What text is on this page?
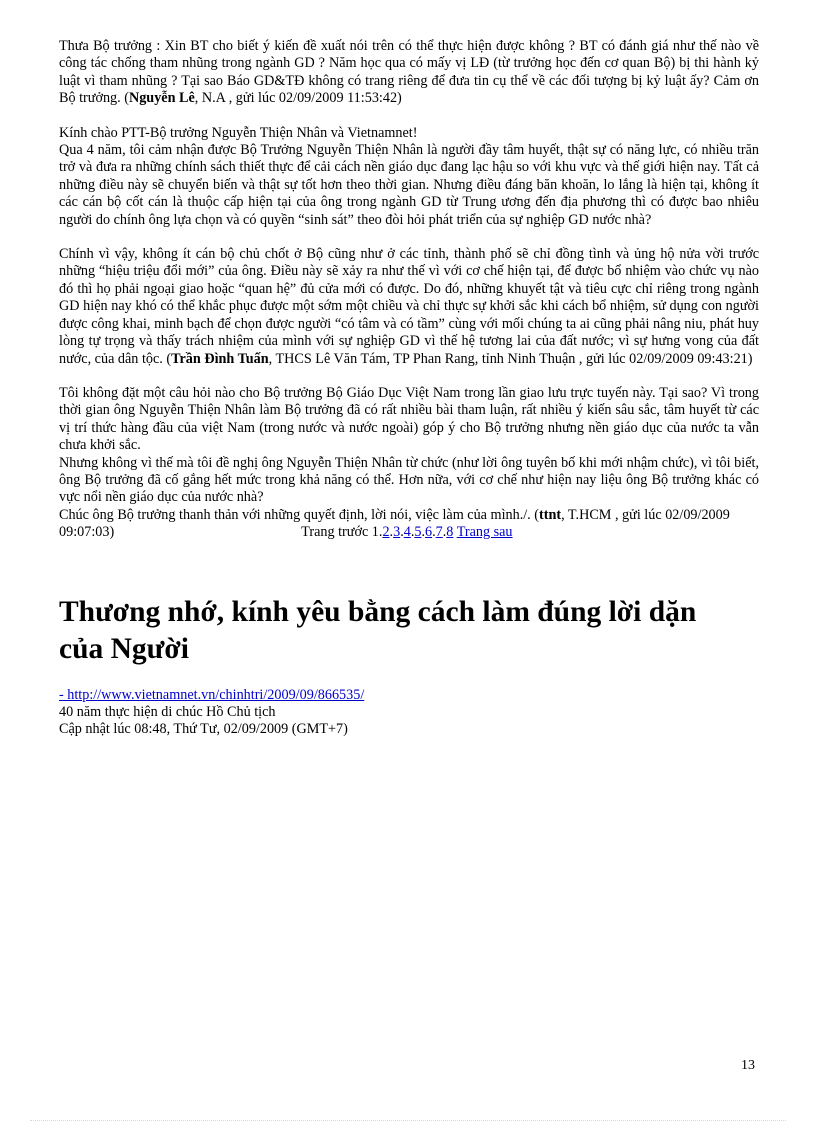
Thưa Bộ trưởng : Xin BT cho biết ý kiến đề xuất nói trên có thể thực hiện được không ? BT có đánh giá như thế nào về công tác chống tham nhũng trong ngành GD ? Năm học qua có mấy vị LĐ (từ trưởng học đến cơ quan Bộ) bị thi hành kỷ luật vì tham nhũng ? Tại sao Báo GD&TĐ không có trang riêng để đưa tin cụ thể về các đối tượng bị kỷ luật ấy? Cảm ơn Bộ trưởng. (Nguyễn Lê, N.A , gửi lúc 02/09/2009 11:53:42)

Kính chào PTT-Bộ trưởng Nguyễn Thiện Nhân và Vietnamnet!

Qua 4 năm, tôi cảm nhận được Bộ Trưởng Nguyễn Thiện Nhân là người đầy tâm huyết, thật sự có năng lực, có nhiều trăn trở và đưa ra những chính sách thiết thực để cải cách nền giáo dục đang lạc hậu so với khu vực và thế giới hiện nay. Tất cả những điều này sẽ chuyển biến và thật sự tốt hơn theo thời gian. Nhưng điều đáng băn khoăn, lo lắng là hiện tại, không ít các cán bộ cốt cán là thuộc cấp hiện tại của ông trong ngành GD từ Trung ương đến địa phương thì có được bao nhiêu người do chính ông lựa chọn và có quyền “sinh sát” theo đòi hỏi phát triển của sự nghiệp GD nước nhà?

Chính vì vậy, không ít cán bộ chủ chốt ở Bộ cũng như ở các tỉnh, thành phố sẽ chỉ đồng tình và ủng hộ nửa vời trước những “hiệu triệu đổi mới” của ông. Điều này sẽ xảy ra như thế vì với cơ chế hiện tại, để được bổ nhiệm vào chức vụ nào đó thì họ phải ngoại giao hoặc “quan hệ” đủ cửa mới có được. Do đó, những khuyết tật và tiêu cực chỉ riêng trong ngành GD hiện nay khó có thể khắc phục được một sớm một chiều và chỉ thực sự khởi sắc khi cách bổ nhiệm, sử dụng con người được công khai, minh bạch để chọn được người “có tâm và có tầm” cùng với mối chúng ta ai cũng phải nâng niu, phát huy lòng tự trọng và thấy trách nhiệm của mình với sự nghiệp GD vì thế hệ tương lai của đất nước; vì sự hưng vong của đất nước, của dân tộc. (Trần Đình Tuấn, THCS Lê Văn Tám, TP Phan Rang, tỉnh Ninh Thuận , gửi lúc 02/09/2009 09:43:21)

Tôi không đặt một câu hỏi nào cho Bộ trưởng Bộ Giáo Dục Việt Nam trong lần giao lưu trực tuyến này. Tại sao? Vì trong thời gian ông Nguyễn Thiện Nhân làm Bộ trưởng đã có rất nhiều bài tham luận, rất nhiều ý kiến sâu sắc, tâm huyết từ các vị trí thức hàng đầu của việt Nam (trong nước và nước ngoài) góp ý cho Bộ trưởng nhưng nền giáo dục của nước ta vẫn chưa khởi sắc.

Nhưng không vì thế mà tôi đề nghị ông Nguyễn Thiện Nhân từ chức (như lời ông tuyên bố khi mới nhậm chức), vì tôi biết, ông Bộ trưởng đã cố gắng hết mức trong khả năng có thể. Hơn nữa, với cơ chế như hiện nay liệu ông Bộ trưởng khác có vực nổi nền giáo dục của nước nhà?

Chúc ông Bộ trưởng thanh thản với những quyết định, lời nói, việc làm của mình./. (ttnt, T.HCM , gửi lúc 02/09/2009 09:07:03)	Trang trước 1.2.3.4.5.6.7.8 Trang sau

Thương nhớ, kính yêu bằng cách làm đúng lời dặn của Người
- http://www.vietnamnet.vn/chinhtri/2009/09/866535/
40 năm thực hiện di chúc Hồ Chủ tịch
Cập nhật lúc 08:48, Thứ Tư, 02/09/2009 (GMT+7)
13
